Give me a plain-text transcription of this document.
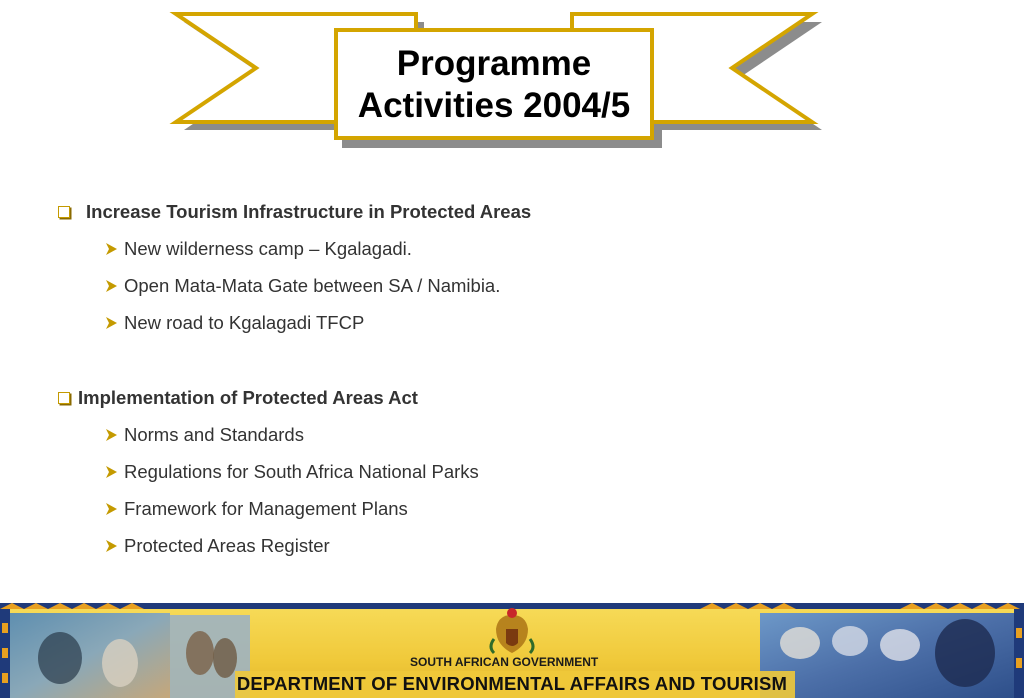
Programme
Activities 2004/5
Increase Tourism Infrastructure in Protected Areas
New wilderness camp – Kgalagadi.
Open Mata-Mata Gate between SA / Namibia.
New road to Kgalagadi TFCP
Implementation of Protected Areas Act
Norms and Standards
Regulations for South Africa National Parks
Framework for Management Plans
Protected Areas Register
SOUTH AFRICAN GOVERNMENT
DEPARTMENT OF ENVIRONMENTAL AFFAIRS AND TOURISM
